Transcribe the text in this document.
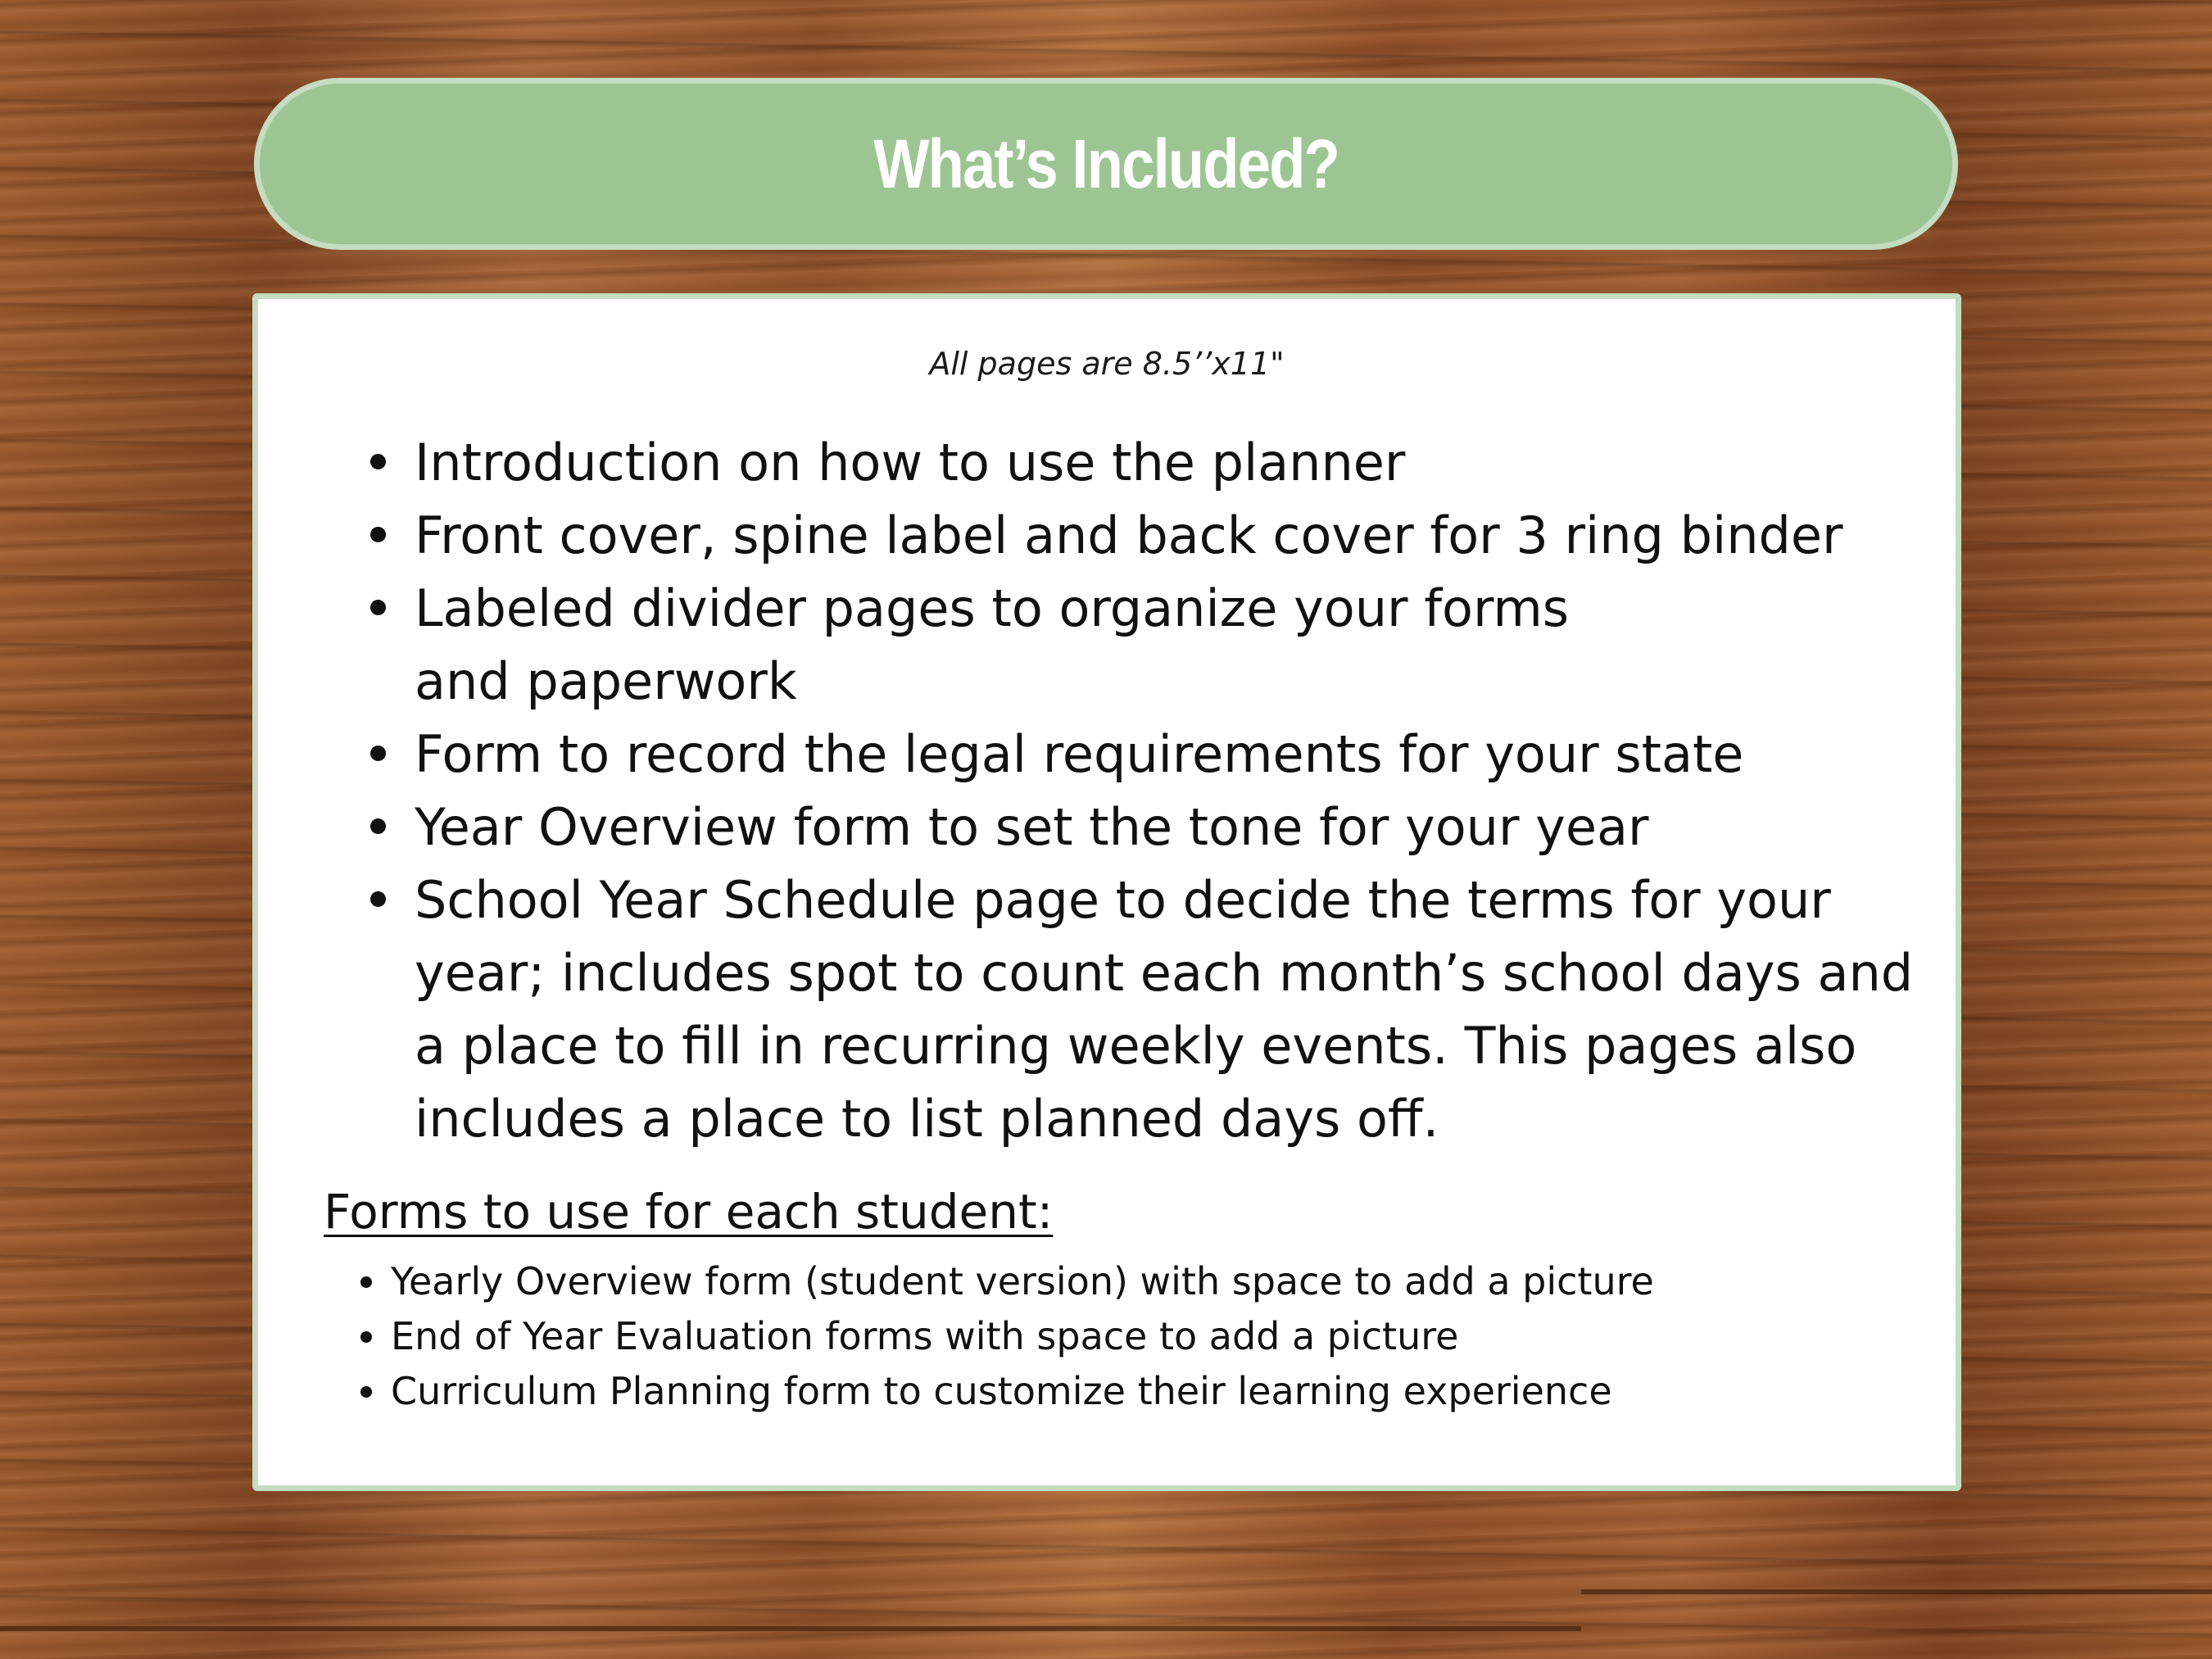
What’s Included?

All pages are 8.5’’x11"

Introduction on how to use the planner
Front cover, spine label and back cover for 3 ring binder
Labeled divider pages to organize your forms and paperwork
Form to record the legal requirements for your state
Year Overview form to set the tone for your year
School Year Schedule page to decide the terms for your year; includes spot to count each month’s school days and a place to fill in recurring weekly events. This pages also includes a place to list planned days off.

Forms to use for each student:

Yearly Overview form (student version) with space to add a picture
End of Year Evaluation forms with space to add a picture
Curriculum Planning form to customize their learning experience
